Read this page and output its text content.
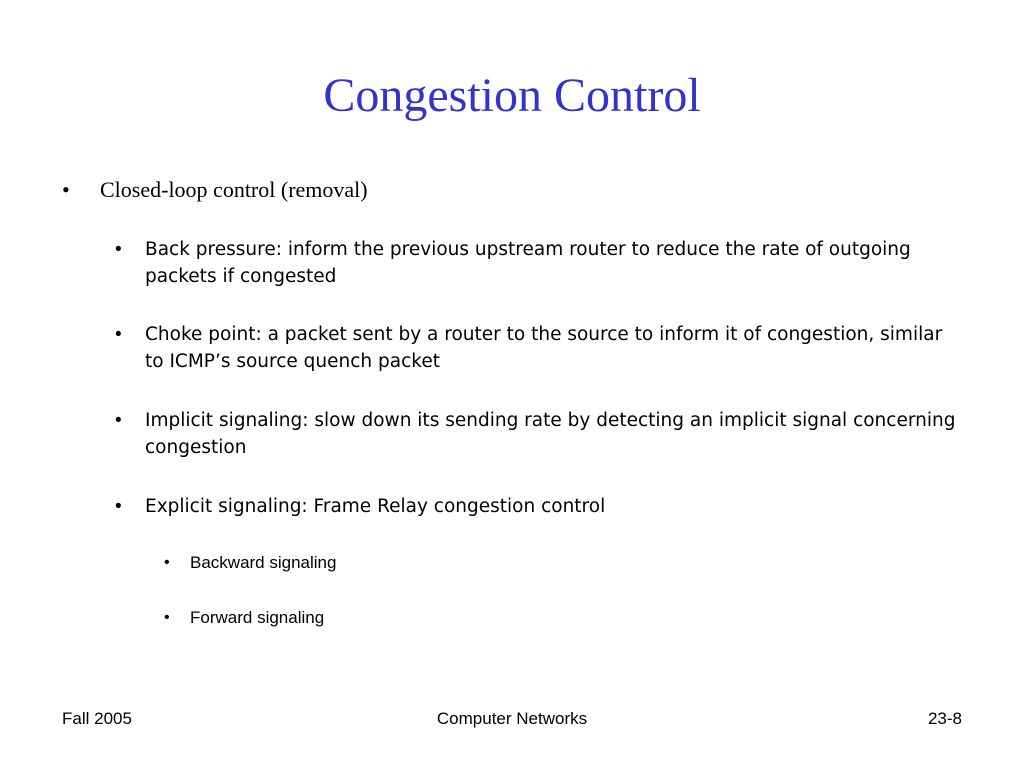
Congestion Control
•	Closed-loop control (removal)
•	Back pressure: inform the previous upstream router to reduce the rate of outgoing packets if congested
•	Choke point: a packet sent by a router to the source to inform it of congestion, similar to ICMP’s source quench packet
•	Implicit signaling: slow down its sending rate by detecting an implicit signal concerning congestion
•	Explicit signaling: Frame Relay congestion control
•	Backward signaling
•	Forward signaling
Fall 2005	Computer Networks	23-8
